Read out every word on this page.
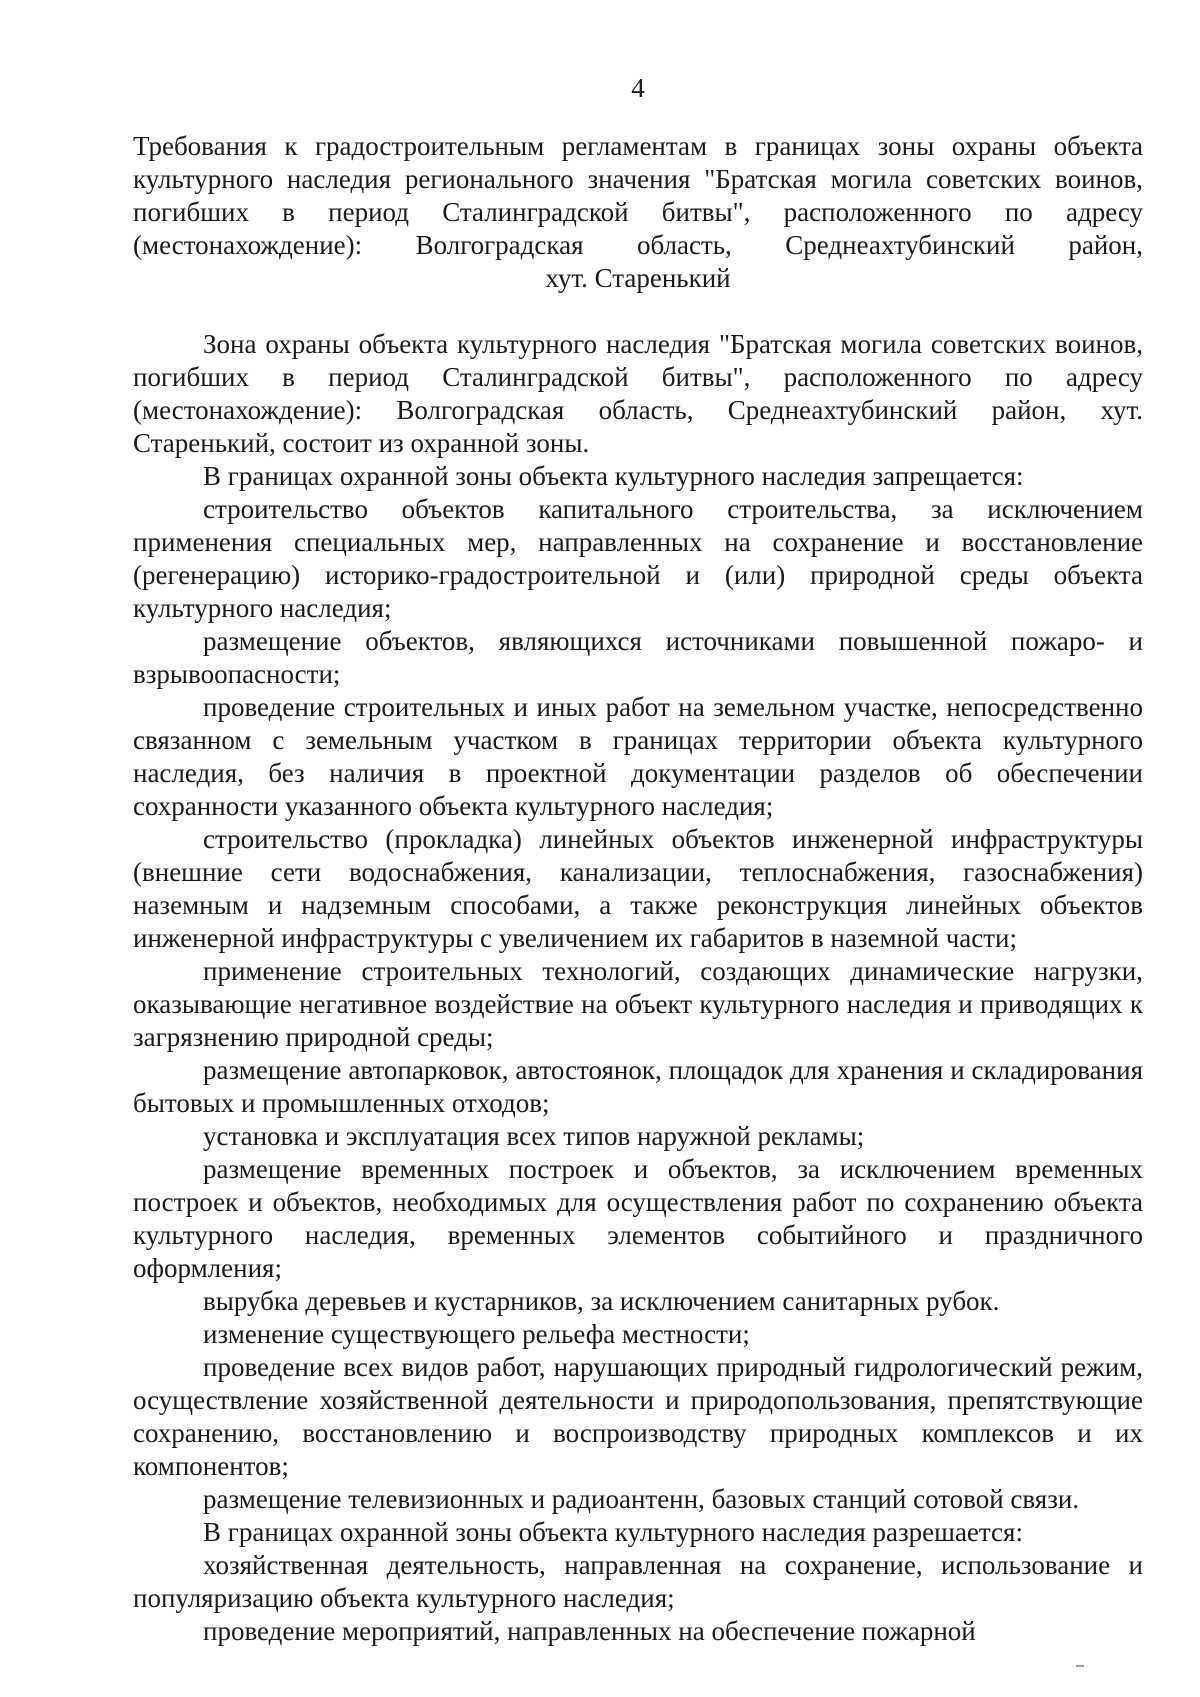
4

Требования к градостроительным регламентам в границах зоны охраны объекта

культурного наследия регионального значения "Братская могила советских воинов,

погибших в период Сталинградской битвы", расположенного по адресу

(местонахождение): Волгоградская область, Среднеахтубинский район,

хут. Старенький

Зона охраны объекта культурного наследия "Братская могила советских воинов, погибших в период Сталинградской битвы", расположенного по адресу (местонахождение): Волгоградская область, Среднеахтубинский район, хут. Старенький, состоит из охранной зоны.

В границах охранной зоны объекта культурного наследия запрещается:

строительство объектов капитального строительства, за исключением применения специальных мер, направленных на сохранение и восстановление (регенерацию) историко-градостроительной и (или) природной среды объекта культурного наследия;

размещение объектов, являющихся источниками повышенной пожаро- и взрывоопасности;

проведение строительных и иных работ на земельном участке, непосредственно связанном с земельным участком в границах территории объекта культурного наследия, без наличия в проектной документации разделов об обеспечении сохранности указанного объекта культурного наследия;

строительство (прокладка) линейных объектов инженерной инфраструктуры (внешние сети водоснабжения, канализации, теплоснабжения, газоснабжения) наземным и надземным способами, а также реконструкция линейных объектов инженерной инфраструктуры с увеличением их габаритов в наземной части;

применение строительных технологий, создающих динамические нагрузки, оказывающие негативное воздействие на объект культурного наследия и приводящих к загрязнению природной среды;

размещение автопарковок, автостоянок, площадок для хранения и складирования бытовых и промышленных отходов;

установка и эксплуатация всех типов наружной рекламы;

размещение временных построек и объектов, за исключением временных построек и объектов, необходимых для осуществления работ по сохранению объекта культурного наследия, временных элементов событийного и праздничного оформления;

вырубка деревьев и кустарников, за исключением санитарных рубок.

изменение существующего рельефа местности;

проведение всех видов работ, нарушающих природный гидрологический режим, осуществление хозяйственной деятельности и природопользования, препятствующие сохранению, восстановлению и воспроизводству природных комплексов и их компонентов;

размещение телевизионных и радиоантенн, базовых станций сотовой связи.

В границах охранной зоны объекта культурного наследия разрешается:

хозяйственная деятельность, направленная на сохранение, использование и популяризацию объекта культурного наследия;

проведение мероприятий, направленных на обеспечение пожарной
